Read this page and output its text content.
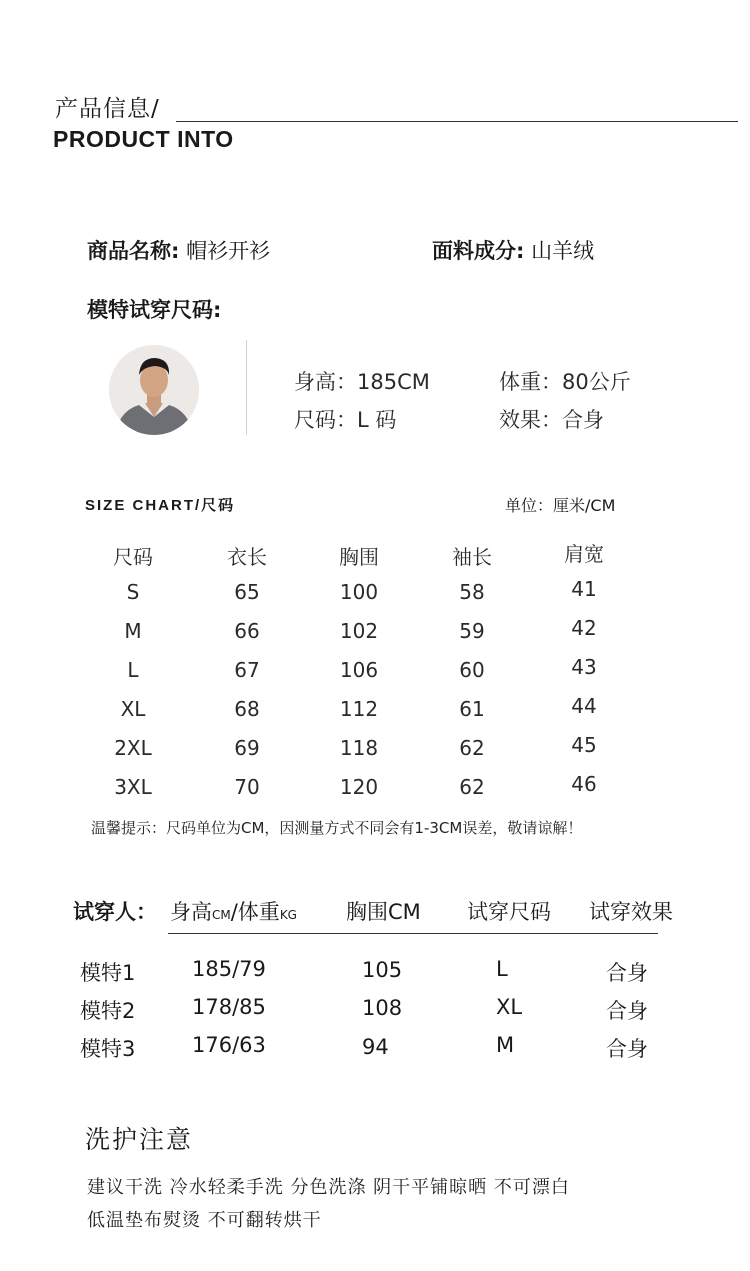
产品信息/
PRODUCT INTO
商品名称: 帽衫开衫	面料成分: 山羊绒
模特试穿尺码:
身高：185CM	体重：80公斤
尺码：L 码	效果：合身
SIZE CHART/尺码	单位：厘米/CM
尺码	衣长	胸围	袖长	肩宽
S	65	100	58	41
M	66	102	59	42
L	67	106	60	43
XL	68	112	61	44
2XL	69	118	62	45
3XL	70	120	62	46
温馨提示：尺码单位为CM，因测量方式不同会有1-3CM误差，敬请谅解！
试穿人： 身高CM/体重KG 胸围CM 试穿尺码 试穿效果
模特1	185/79	105	L	合身
模特2	178/85	108	XL	合身
模特3	176/63	94	M	合身
洗护注意
建议干洗 冷水轻柔手洗 分色洗涤 阴干平铺晾晒 不可漂白
低温垫布熨烫 不可翻转烘干
